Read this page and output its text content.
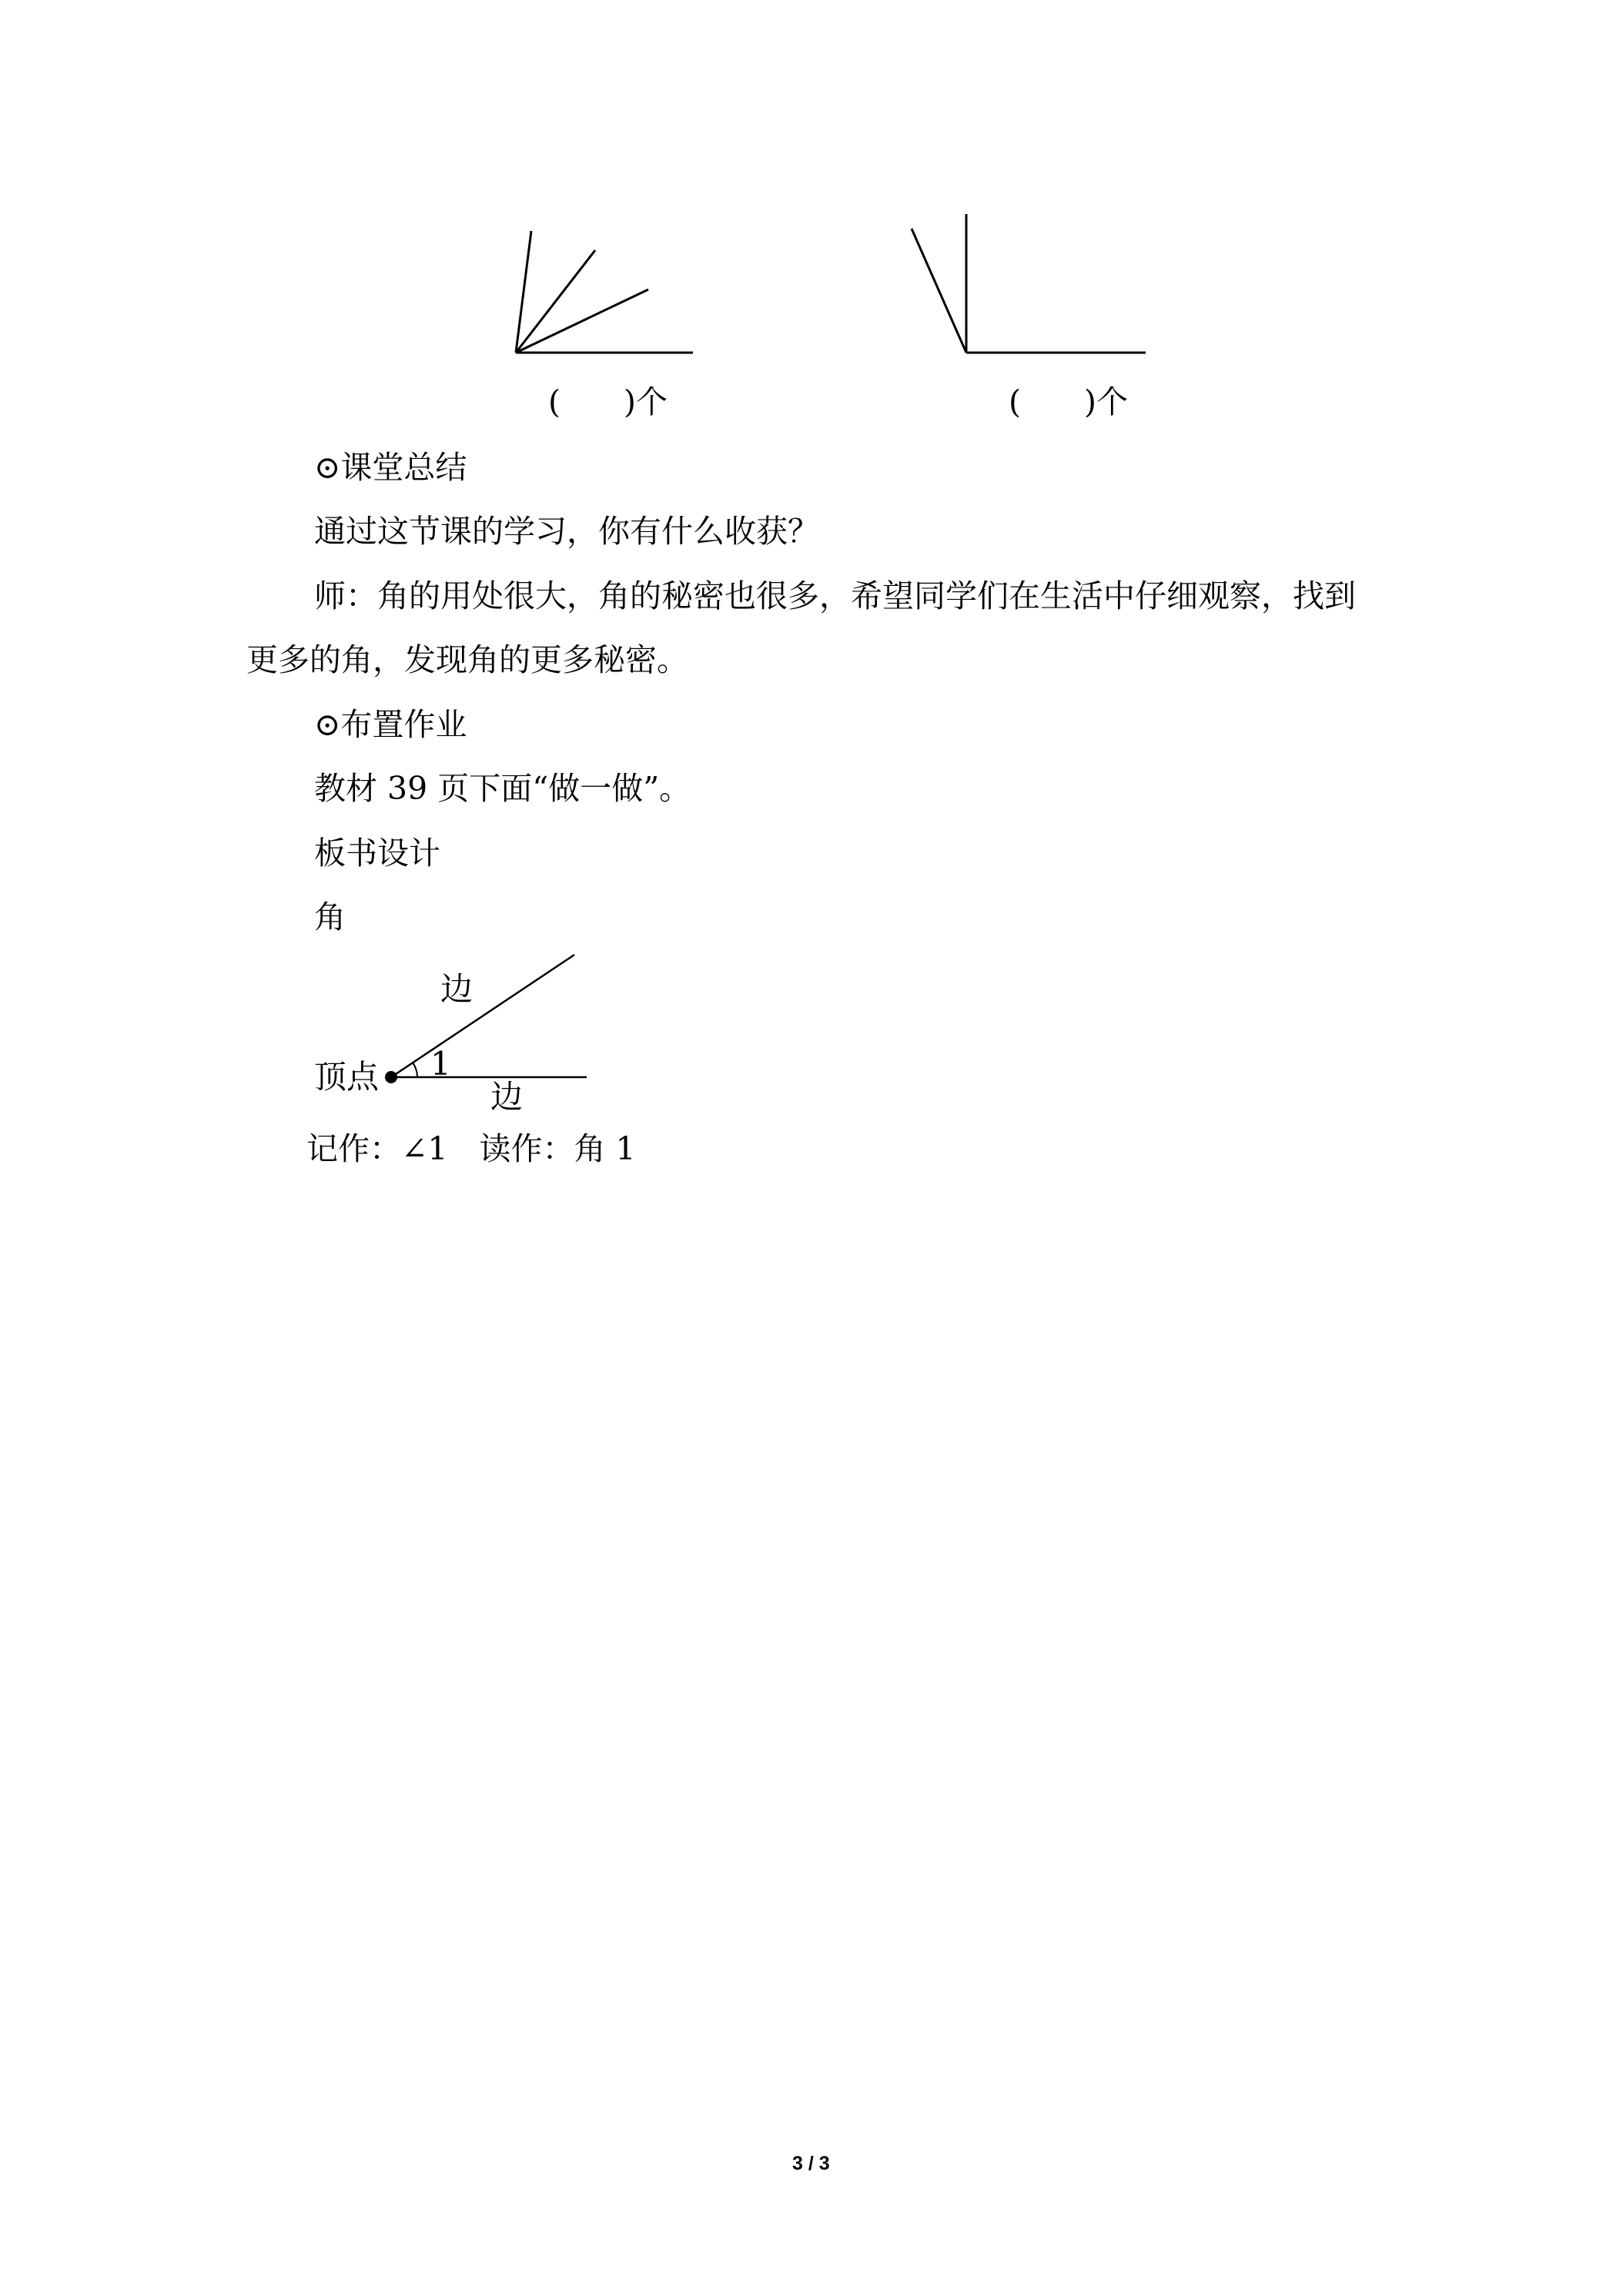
(　　)个	(　　)个
⊙课堂总结
通过这节课的学习，你有什么收获？
师：角的用处很大，角的秘密也很多，希望同学们在生活中仔细观察，找到
更多的角，发现角的更多秘密。
⊙布置作业
教材 39 页下面“做一做”。
板书设计
角
边
1
顶点
边
记作：∠1　读作：角 1
3 / 3
